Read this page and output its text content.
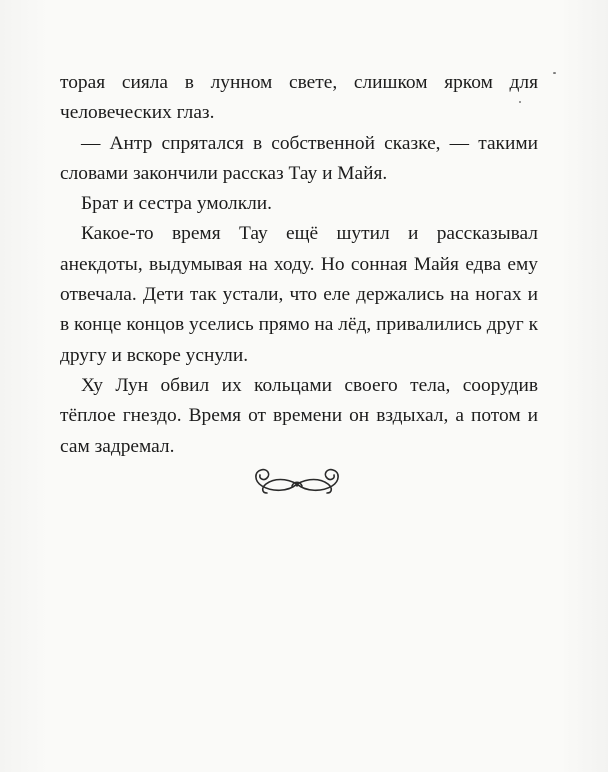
торая сияла в лунном свете, слишком ярком для человеческих глаз.

— Антр спрятался в собственной сказке, — такими словами закончили рассказ Тау и Майя.

Брат и сестра умолкли.

Какое-то время Тау ещё шутил и рассказывал анекдоты, выдумывая на ходу. Но сонная Майя едва ему отвечала. Дети так устали, что еле держались на ногах и в конце концов уселись прямо на лёд, привалились друг к другу и вскоре уснули.

Ху Лун обвил их кольцами своего тела, соорудив тёплое гнездо. Время от времени он вздыхал, а потом и сам задремал.
